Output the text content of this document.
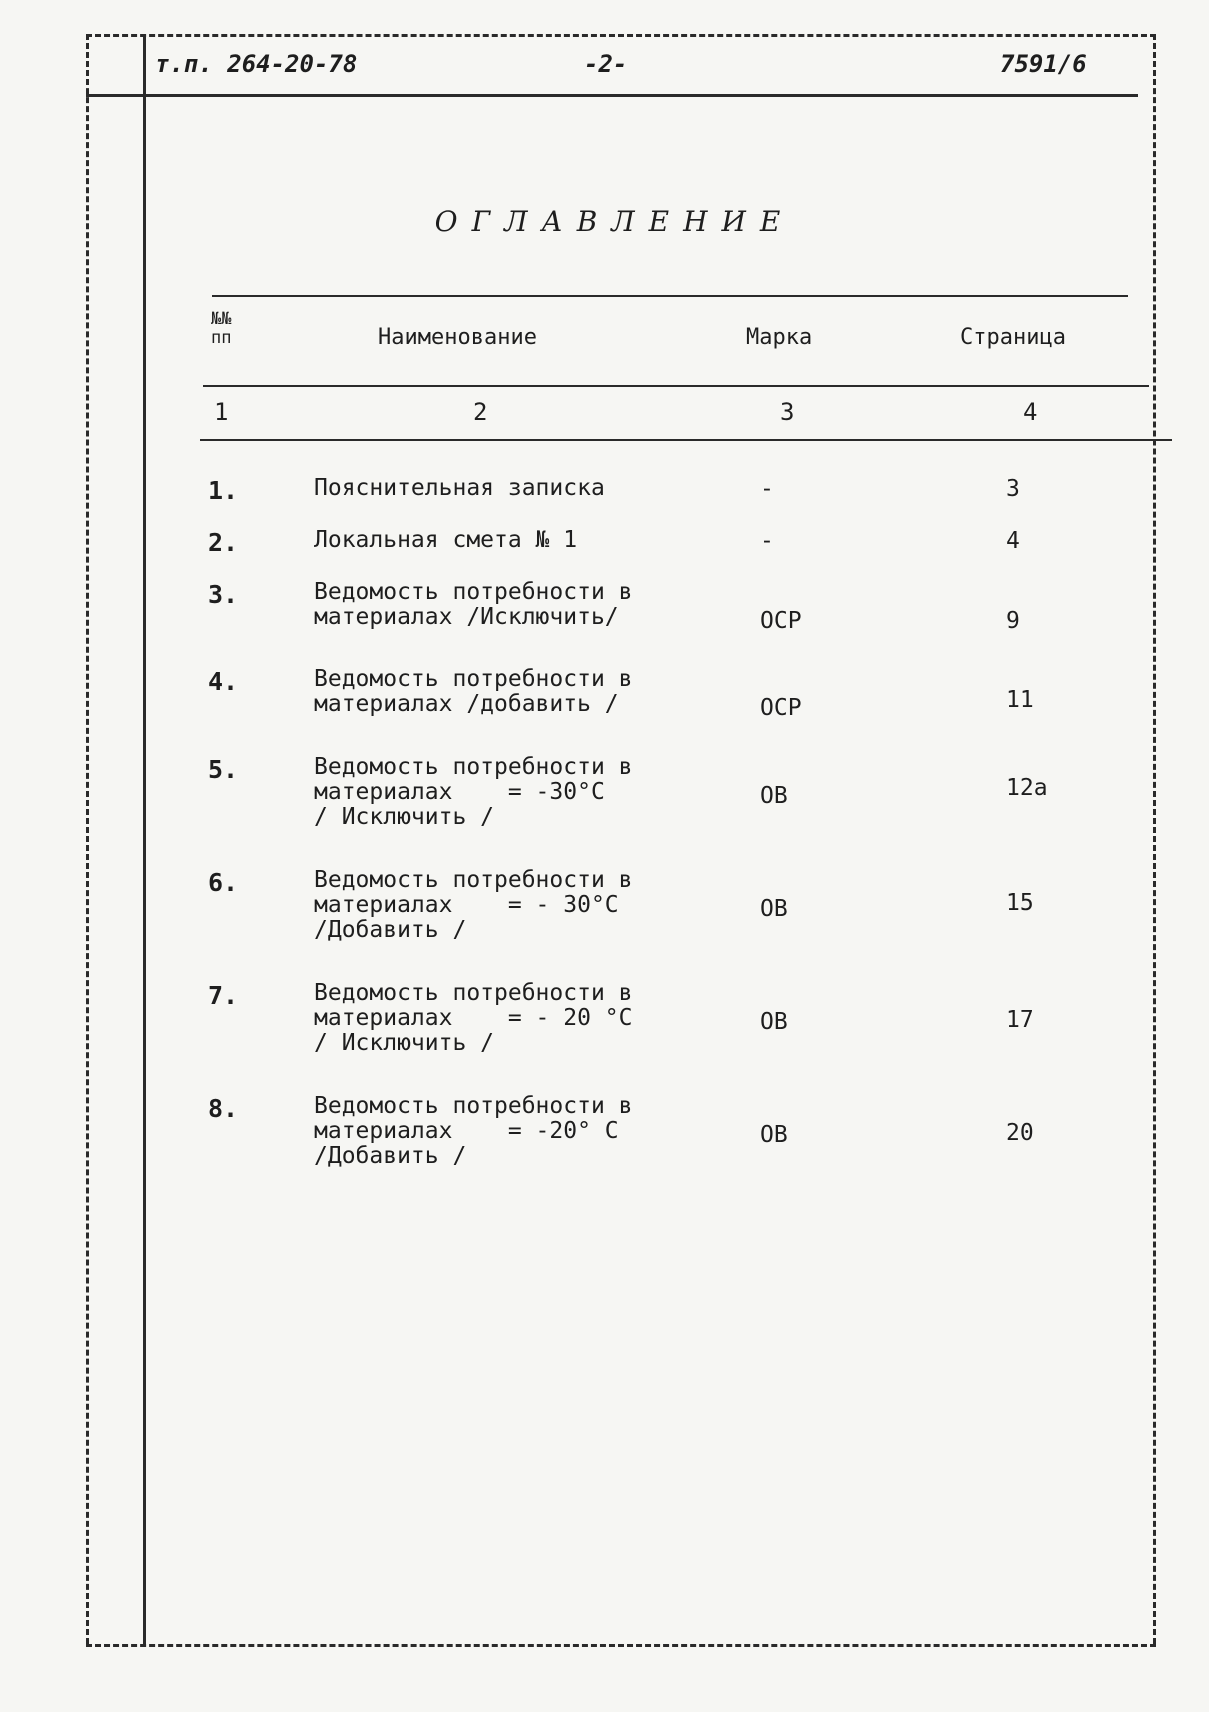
т.п. 264-20-78	-2-	7591/6
ОГЛАВЛЕНИЕ
№№ пп	Наименование	Марка	Страница
1	2	3	4
1.	Пояснительная записка	-	3
2.	Локальная смета № 1	-	4
3.	Ведомость потребности в
материалах /Исключить/	ОСР	9
4.	Ведомость потребности в
материалах /добавить /	ОСР	11
5.	Ведомость потребности в
материалах    = -30°С
/ Исключить /
ОВ	12а
6.	Ведомость потребности в
материалах    = - 30°С
/Добавить /
ОВ	15
7.	Ведомость потребности в
материалах    = - 20 °С
/ Исключить /
ОВ	17
8.	Ведомость потребности в
материалах    = -20° С
/Добавить /
ОВ	20
